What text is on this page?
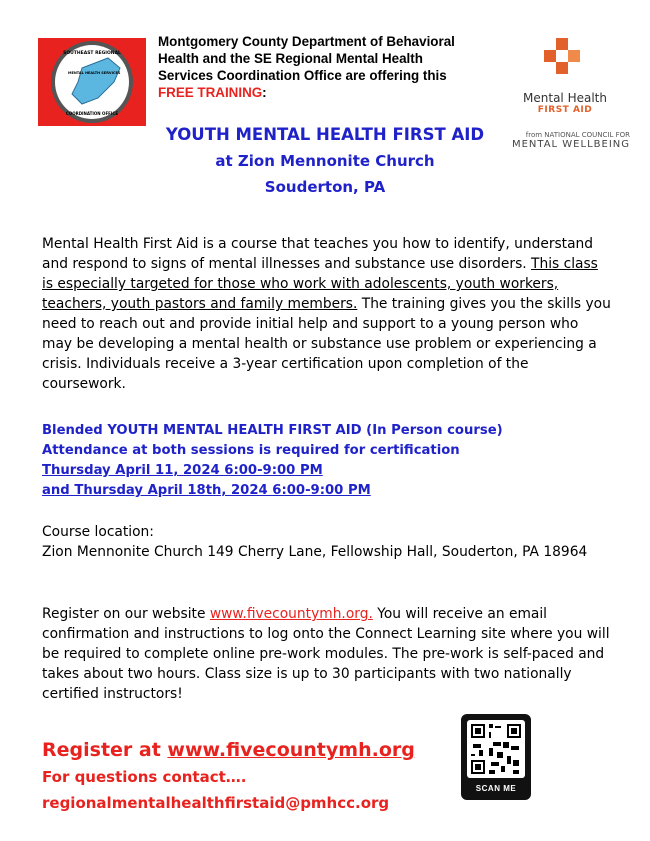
SOUTHEAST REGIONAL
MENTAL HEALTH SERVICES
COORDINATION OFFICE
Montgomery County Department of Behavioral
Health and the SE Regional Mental Health
Services Coordination Office are offering this
FREE TRAINING:	Mental Health
FIRST AID
from NATIONAL COUNCIL FOR
MENTAL WELLBEING
YOUTH MENTAL HEALTH FIRST AID
at Zion Mennonite Church
Souderton, PA
Mental Health First Aid is a course that teaches you how to identify, understand and respond to signs of mental illnesses and substance use disorders. This class is especially targeted for those who work with adolescents, youth workers, teachers, youth pastors and family members. The training gives you the skills you need to reach out and provide initial help and support to a young person who may be developing a mental health or substance use problem or experiencing a crisis. Individuals receive a 3-year certification upon completion of the coursework.
Blended YOUTH MENTAL HEALTH FIRST AID (In Person course)
Attendance at both sessions is required for certification
Thursday April 11, 2024 6:00-9:00 PM
and Thursday April 18th, 2024 6:00-9:00 PM
Course location:
Zion Mennonite Church 149 Cherry Lane, Fellowship Hall, Souderton, PA 18964
Register on our website www.fivecountymh.org. You will receive an email confirmation and instructions to log onto the Connect Learning site where you will be required to complete online pre-work modules. The pre-work is self-paced and takes about two hours. Class size is up to 30 participants with two nationally certified instructors!
Register at www.fivecountymh.org
For questions contact….
regionalmentalhealthfirstaid@pmhcc.org
SCAN ME
